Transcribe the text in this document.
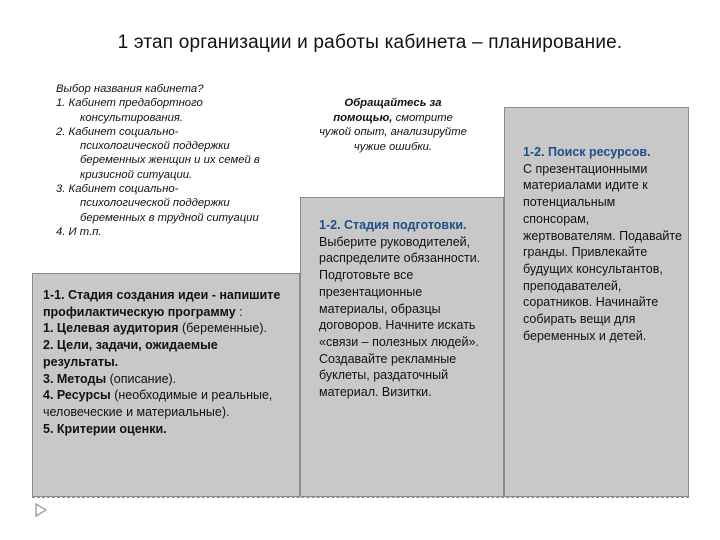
1 этап организации и работы кабинета – планирование.
Выбор названия кабинета?
1. Кабинет предабортного
консультирования.
2. Кабинет социально-
психологической поддержки беременных женщин и их семей в кризисной ситуации.
3. Кабинет социально-
психологической поддержки беременных в трудной ситуации
4. И т.п.
Обращайтесь за помощью, смотрите чужой опыт, анализируйте чужие ошибки.
1-1. Стадия создания идеи - напишите профилактическую программу :
1. Целевая аудитория (беременные).
2. Цели, задачи, ожидаемые результаты.
3. Методы (описание).
4. Ресурсы (необходимые и реальные, человеческие и материальные).
5. Критерии оценки.
1-2. Стадия подготовки.
Выберите руководителей, распределите обязанности. Подготовьте все презентационные материалы, образцы договоров. Начните искать «связи – полезных людей». Создавайте рекламные буклеты, раздаточный материал. Визитки.
1-2. Поиск ресурсов.
С презентационными материалами идите к потенциальным спонсорам, жертвователям. Подавайте гранды. Привлекайте будущих консультантов, преподавателей, соратников. Начинайте собирать вещи для беременных и детей.
